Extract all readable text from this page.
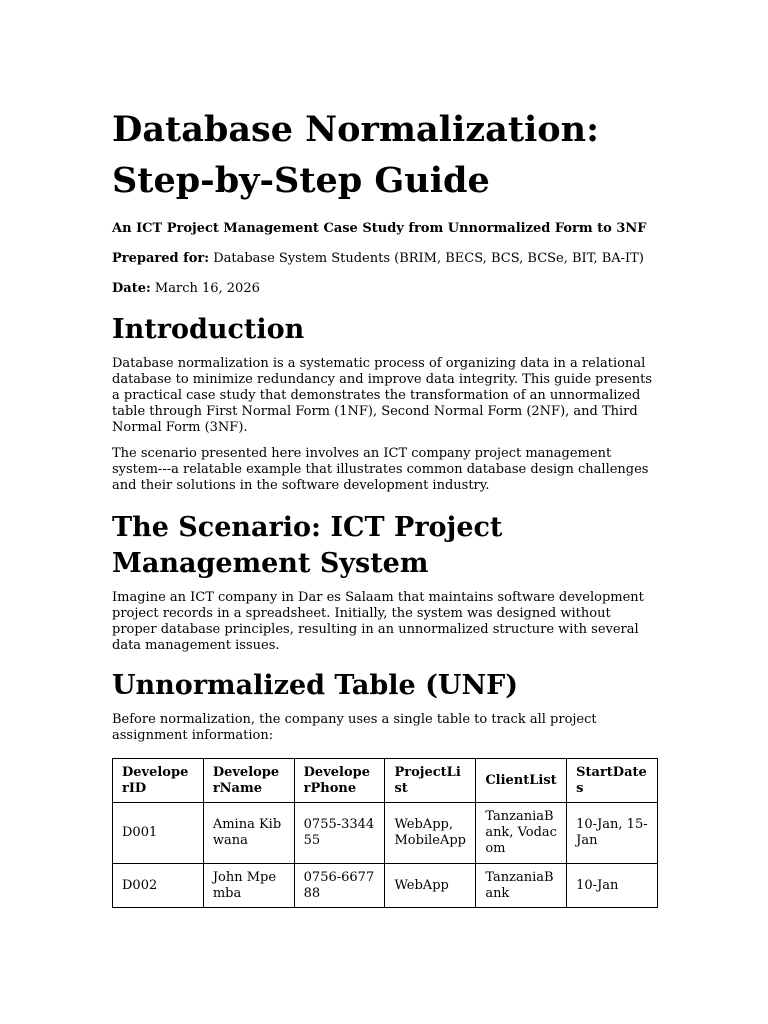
Database Normalization:
Step-by-Step Guide

An ICT Project Management Case Study from Unnormalized Form to 3NF

Prepared for: Database System Students (BRIM, BECS, BCS, BCSe, BIT, BA-IT)

Date: March 16, 2026

Introduction

Database normalization is a systematic process of organizing data in a relational database to minimize redundancy and improve data integrity. This guide presents a practical case study that demonstrates the transformation of an unnormalized table through First Normal Form (1NF), Second Normal Form (2NF), and Third Normal Form (3NF).

The scenario presented here involves an ICT company project management system---a relatable example that illustrates common database design challenges and their solutions in the software development industry.

The Scenario: ICT Project
Management System

Imagine an ICT company in Dar es Salaam that maintains software development project records in a spreadsheet. Initially, the system was designed without proper database principles, resulting in an unnormalized structure with several data management issues.

Unnormalized Table (UNF)

Before normalization, the company uses a single table to track all project assignment information:

DeveloperID	DeveloperName	DeveloperPhone	ProjectList	ClientList	StartDates
D001	Amina Kibwana	0755-334455	WebApp, MobileApp	TanzaniaBank, Vodacom	10-Jan, 15-Jan
D002	John Mpemba	0756-667788	WebApp	TanzaniaBank	10-Jan
